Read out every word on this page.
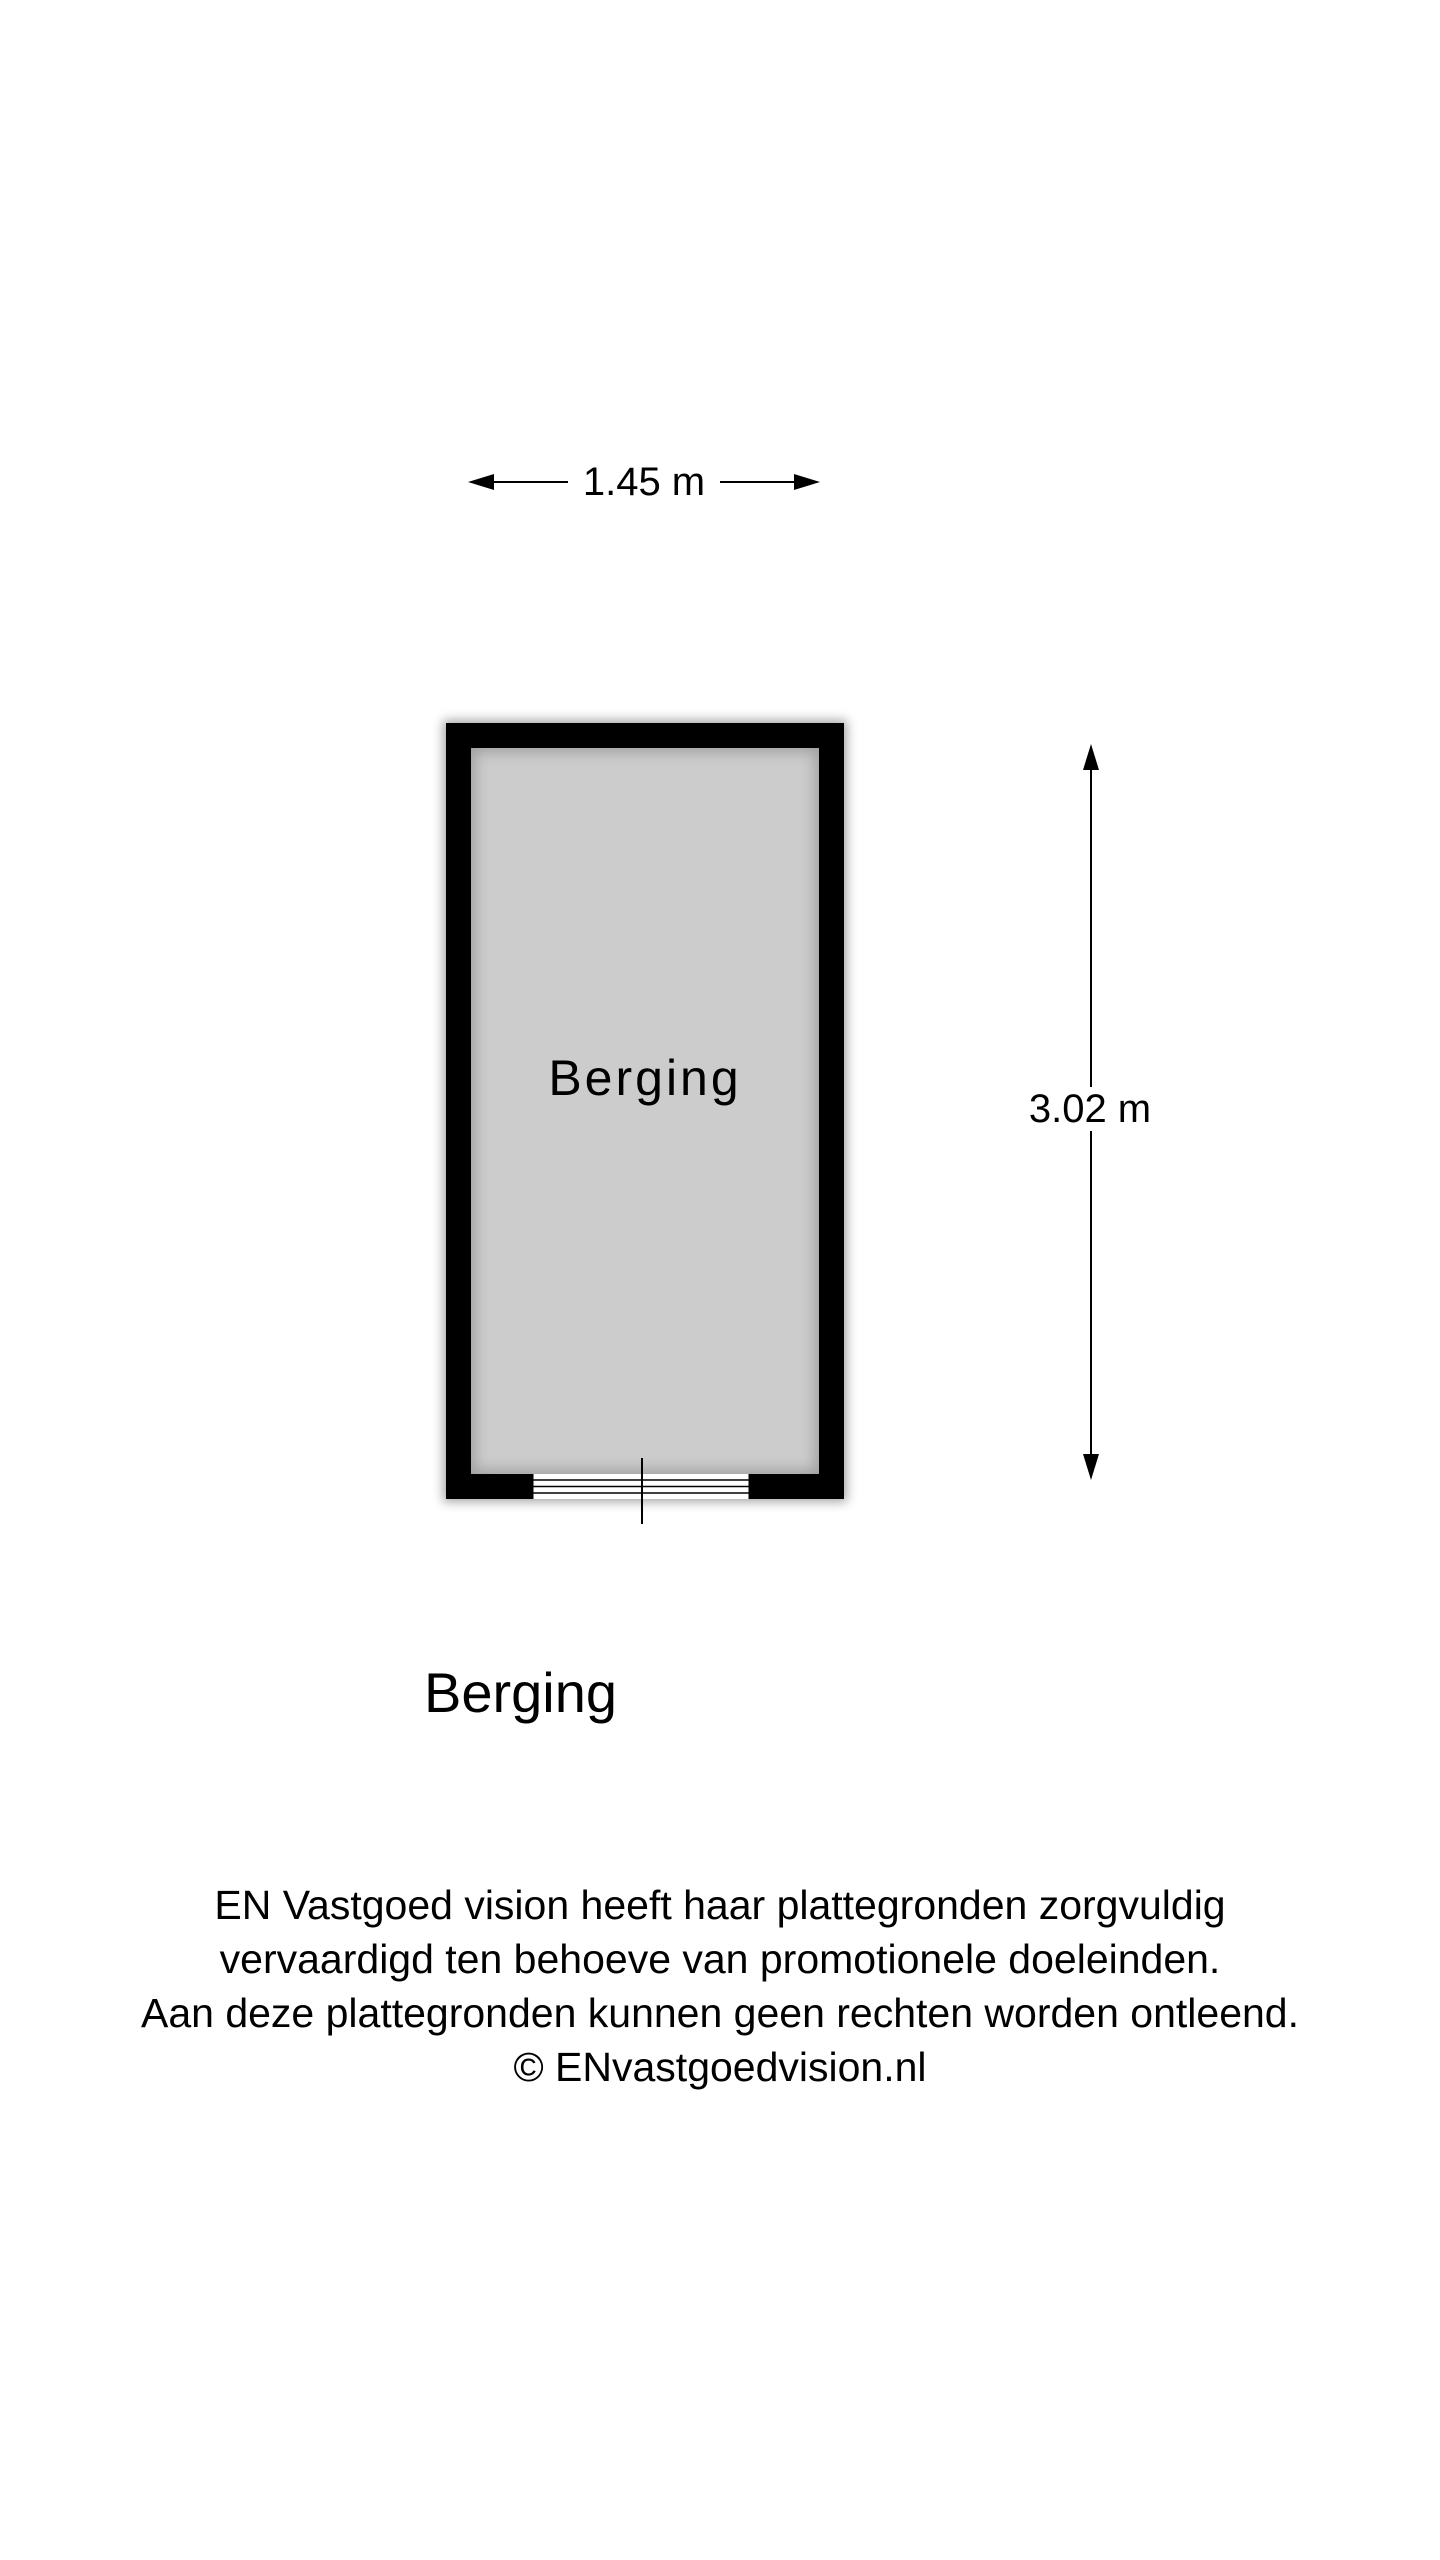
1.45 m
Berging
3.02 m
Berging
EN Vastgoed vision heeft haar plattegronden zorgvuldig
vervaardigd ten behoeve van promotionele doeleinden.
Aan deze plattegronden kunnen geen rechten worden ontleend.
© ENvastgoedvision.nl
